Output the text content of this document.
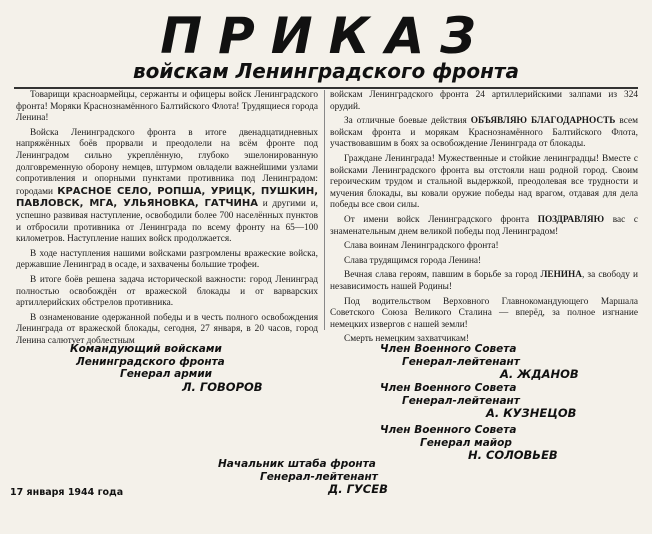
ПРИКАЗ
войскам Ленинградского фронта

Товарищи красноармейцы, сержанты и офицеры войск Ленинградского фронта! Моряки Краснознамённого Балтийского Флота! Трудящиеся города Ленина!

Войска Ленинградского фронта в итоге двенадцатидневных напряжённых боёв прорвали и преодолели на всём фронте под Ленинградом сильно укреплённую, глубоко эшелонированную долговременную оборону немцев, штурмом овладели важнейшими узлами сопротивления и опорными пунктами противника под Ленинградом: городами КРАСНОЕ СЕЛО, РОПША, УРИЦК, ПУШКИН, ПАВЛОВСК, МГА, УЛЬЯНОВКА, ГАТЧИНА и другими и, успешно развивая наступление, освободили более 700 населённых пунктов и отбросили противника от Ленинграда по всему фронту на 65—100 километров. Наступление наших войск продолжается.

В ходе наступления нашими войсками разгромлены вражеские войска, державшие Ленинград в осаде, и захвачены большие трофеи.

В итоге боёв решена задача исторической важности: город Ленинград полностью освобождён от вражеской блокады и от варварских артиллерийских обстрелов противника.

В ознаменование одержанной победы и в честь полного освобождения Ленинграда от вражеской блокады, сегодня, 27 января, в 20 часов, город Ленина салютует доблестным

войскам Ленинградского фронта 24 артиллерийскими залпами из 324 орудий.

За отличные боевые действия ОБЪЯВЛЯЮ БЛАГОДАРНОСТЬ всем войскам фронта и морякам Краснознамённого Балтийского Флота, участвовавшим в боях за освобождение Ленинграда от блокады.

Граждане Ленинграда! Мужественные и стойкие ленинградцы! Вместе с войсками Ленинградского фронта вы отстояли наш родной город. Своим героическим трудом и стальной выдержкой, преодолевая все трудности и мучения блокады, вы ковали оружие победы над врагом, отдавая для дела победы все свои силы.

От имени войск Ленинградского фронта ПОЗДРАВЛЯЮ вас с знаменательным днем великой победы под Ленинградом!

Слава воинам Ленинградского фронта!

Слава трудящимся города Ленина!

Вечная слава героям, павшим в борьбе за город ЛЕНИНА, за свободу и независимость нашей Родины!

Под водительством Верховного Главнокомандующего Маршала Советского Союза Великого Сталина — вперёд, за полное изгнание немецких извергов с нашей земли!

Смерть немецким захватчикам!

Командующий войсками
Ленинградского фронта
Генерал армии
Л. ГОВОРОВ
Член Военного Совета
Генерал-лейтенант
А. ЖДАНОВ
Член Военного Совета
Генерал-лейтенант
А. КУЗНЕЦОВ
Член Военного Совета
Генерал майор
Н. СОЛОВЬЕВ
Начальник штаба фронта
Генерал-лейтенант
Д. ГУСЕВ
17 января 1944 года
